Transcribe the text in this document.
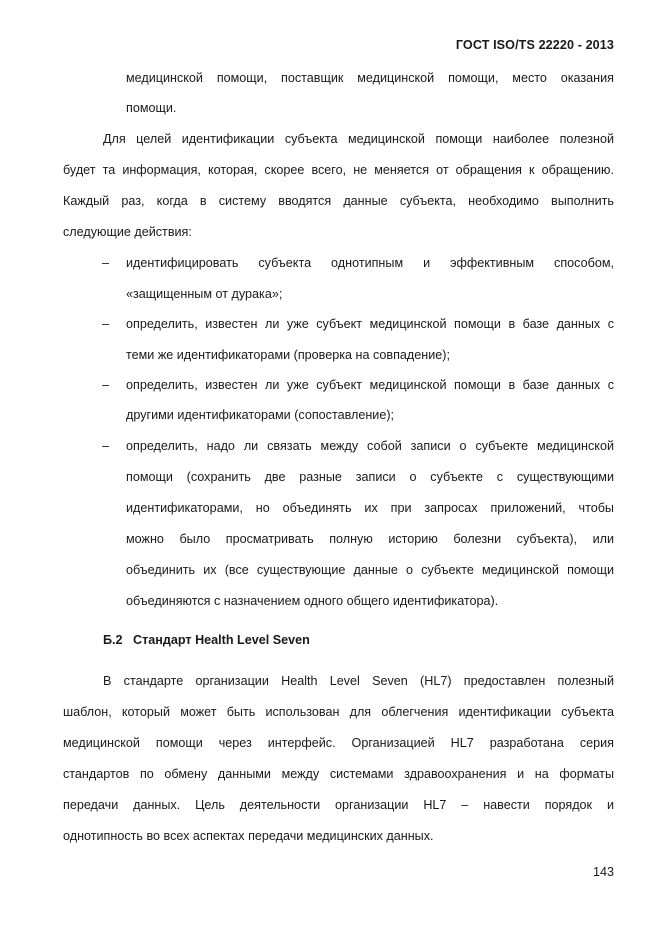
ГОСТ ISO/TS 22220 - 2013
медицинской помощи, поставщик медицинской помощи, место оказания
помощи.
Для целей идентификации субъекта медицинской помощи наиболее полезной
будет та информация, которая, скорее всего, не меняется от обращения к обращению.
Каждый раз, когда в систему вводятся данные субъекта, необходимо выполнить
следующие действия:
– идентифицировать субъекта однотипным и эффективным способом,
«защищенным от дурака»;
– определить, известен ли уже субъект медицинской помощи в базе данных с
теми же идентификаторами (проверка на совпадение);
– определить, известен ли уже субъект медицинской помощи в базе данных с
другими идентификаторами (сопоставление);
– определить, надо ли связать между собой записи о субъекте медицинской
помощи (сохранить две разные записи о субъекте с существующими
идентификаторами, но объединять их при запросах приложений, чтобы
можно было просматривать полную историю болезни субъекта), или
объединить их (все существующие данные о субъекте медицинской помощи
объединяются с назначением одного общего идентификатора).
Б.2 Стандарт Health Level Seven
В стандарте организации Health Level Seven (HL7) предоставлен полезный
шаблон, который может быть использован для облегчения идентификации субъекта
медицинской помощи через интерфейс. Организацией HL7 разработана серия
стандартов по обмену данными между системами здравоохранения и на форматы
передачи данных. Цель деятельности организации HL7 – навести порядок и
однотипность во всех аспектах передачи медицинских данных.
143
